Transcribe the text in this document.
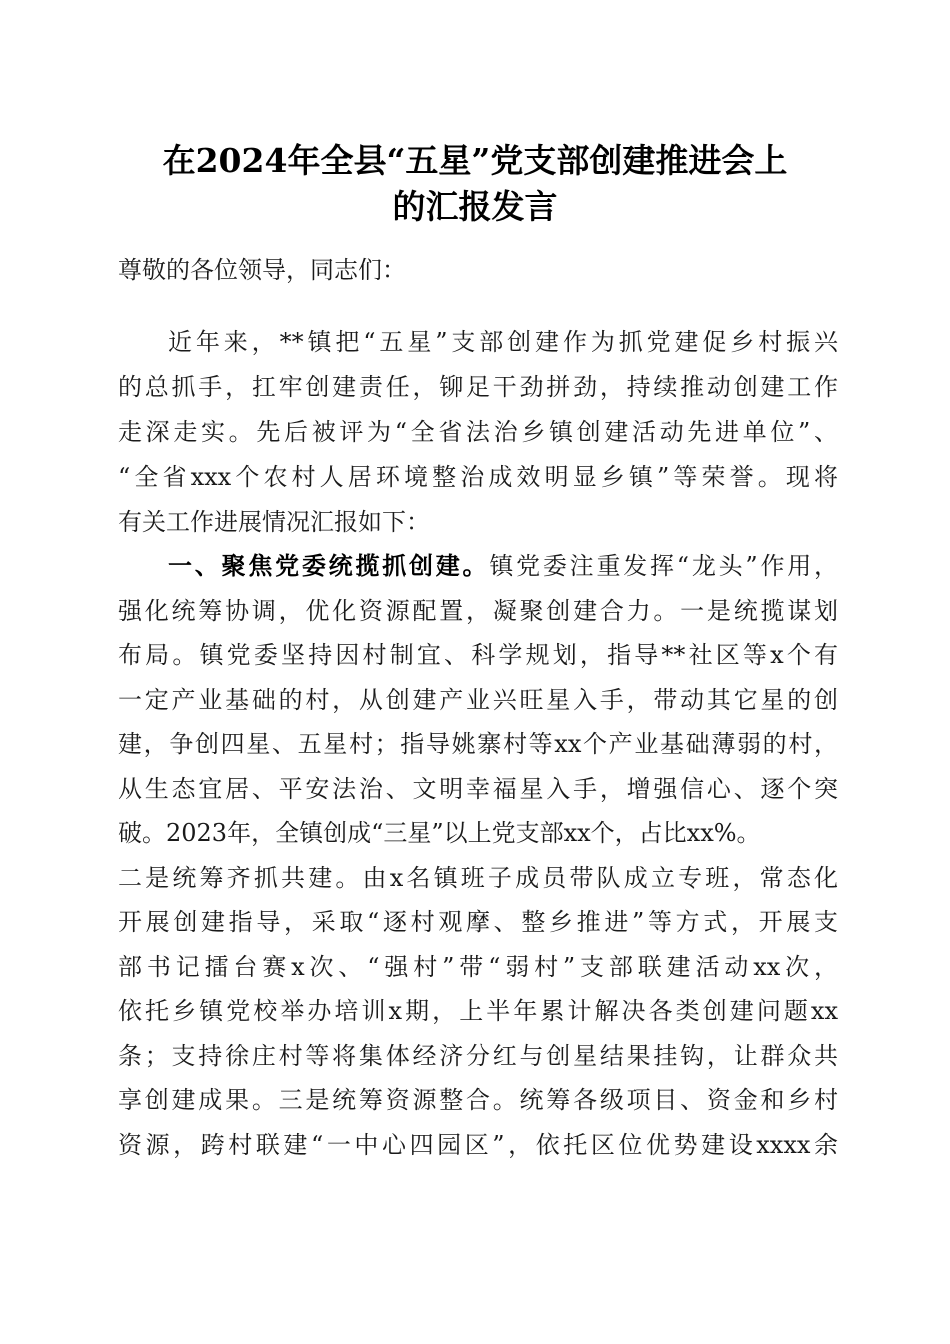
在2024年全县“五星”党支部创建推进会上
的汇报发言
尊敬的各位领导，同志们：
近年来，**镇把“五星”支部创建作为抓党建促乡村振兴
的总抓手，扛牢创建责任，铆足干劲拼劲，持续推动创建工作
走深走实。先后被评为“全省法治乡镇创建活动先进单位”、
“全省xxx个农村人居环境整治成效明显乡镇”等荣誉。现将
有关工作进展情况汇报如下：
一、聚焦党委统揽抓创建。镇党委注重发挥“龙头”作用，
强化统筹协调，优化资源配置，凝聚创建合力。一是统揽谋划
布局。镇党委坚持因村制宜、科学规划，指导**社区等x个有
一定产业基础的村，从创建产业兴旺星入手，带动其它星的创
建，争创四星、五星村；指导姚寨村等xx个产业基础薄弱的村，
从生态宜居、平安法治、文明幸福星入手，增强信心、逐个突
破。2023年，全镇创成“三星”以上党支部xx个，占比xx%。
二是统筹齐抓共建。由x名镇班子成员带队成立专班，常态化
开展创建指导，采取“逐村观摩、整乡推进”等方式，开展支
部书记擂台赛x次、“强村”带“弱村”支部联建活动xx次，
依托乡镇党校举办培训x期，上半年累计解决各类创建问题xx
条；支持徐庄村等将集体经济分红与创星结果挂钩，让群众共
享创建成果。三是统筹资源整合。统筹各级项目、资金和乡村
资源，跨村联建“一中心四园区”，依托区位优势建设xxxx余
